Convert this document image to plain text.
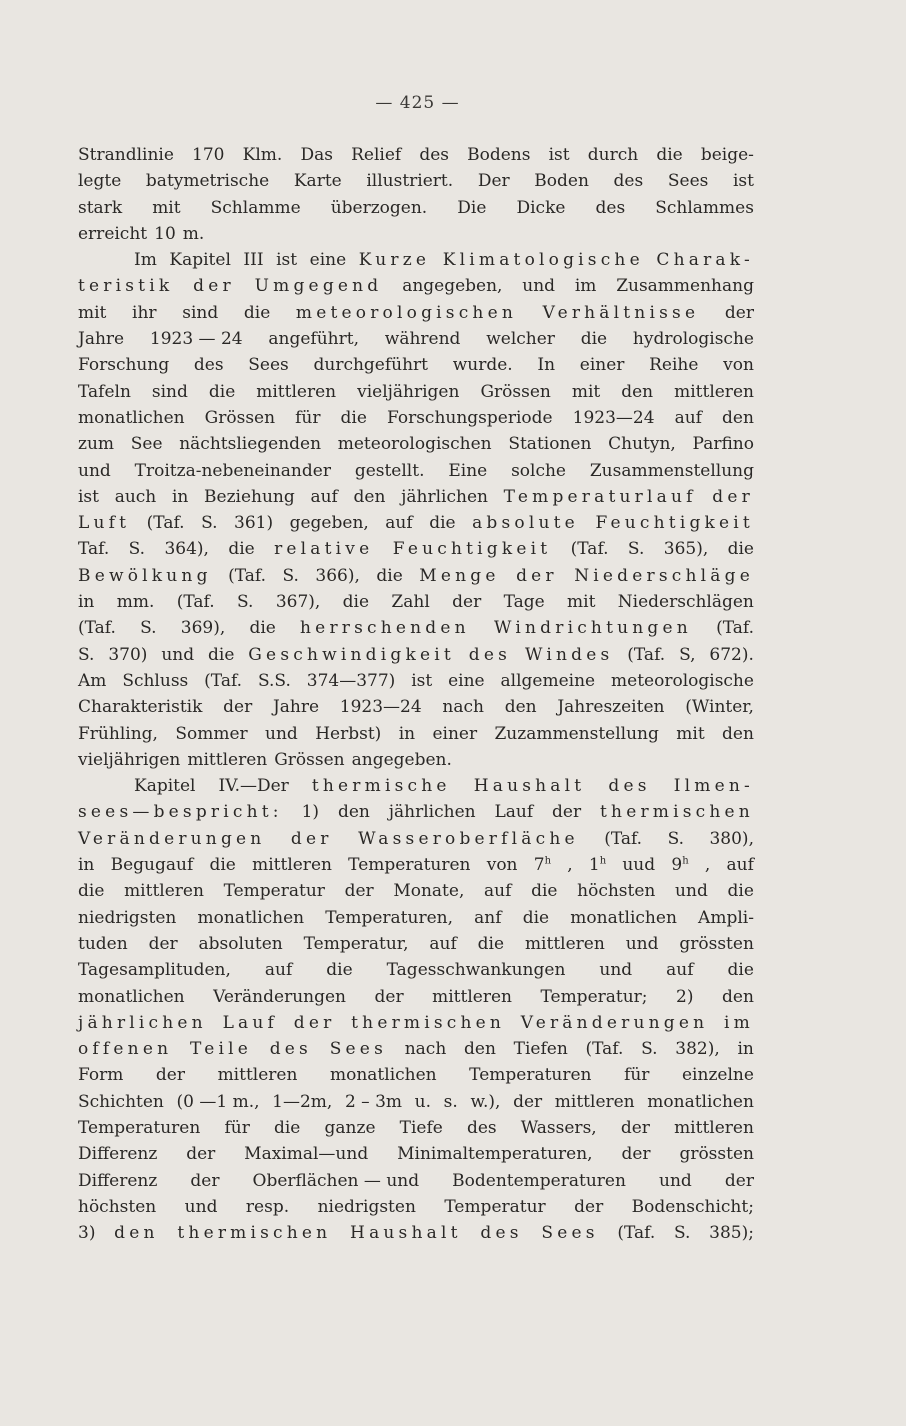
— 425 —
Strandlinie 170 Klm. Das Relief des Bodens ist durch die beige-
legte batymetrische Karte illustriert. Der Boden des Sees ist
stark mit Schlamme überzogen. Die Dicke des Schlammes
erreicht 10 m.
Im Kapitel III ist eine Kurze Klimatologische Charak-
teristik der Umgegend angegeben, und im Zusammenhang
mit ihr sind die meteorologischen Verhältnisse der
Jahre 1923 — 24 angeführt, während welcher die hydrologische
Forschung des Sees durchgeführt wurde. In einer Reihe von
Tafeln sind die mittleren vieljährigen Grössen mit den mittleren
monatlichen Grössen für die Forschungsperiode 1923—24 auf den
zum See nächtsliegenden meteorologischen Stationen Chutyn, Parfino
und Troitza-nebeneinander gestellt. Eine solche Zusammenstellung
ist auch in Beziehung auf den jährlichen Temperaturlauf der
Luft (Taf. S. 361) gegeben, auf die absolute Feuchtigkeit
Taf. S. 364), die relative Feuchtigkeit (Taf. S. 365), die
Bewölkung (Taf. S. 366), die Menge der Niederschläge
in mm. (Taf. S. 367), die Zahl der Tage mit Niederschlägen
(Taf. S. 369), die herrschenden Windrichtungen (Taf.
S. 370) und die Geschwindigkeit des Windes (Taf. S, 672).
Am Schluss (Taf. S.S. 374—377) ist eine allgemeine meteorologische
Charakteristik der Jahre 1923—24 nach den Jahreszeiten (Winter,
Frühling, Sommer und Herbst) in einer Zuzammenstellung mit den
vieljährigen mittleren Grössen angegeben.
Kapitel IV.—Der thermische Haushalt des Ilmen-
sees—bespricht: 1) den jährlichen Lauf der thermischen
Veränderungen der Wasseroberfläche (Taf. S. 380),
in Begugauf die mittleren Temperaturen von 7$^h$ , 1$^h$ uud 9$^h$ , auf
die mittleren Temperatur der Monate, auf die höchsten und die
niedrigsten monatlichen Temperaturen, anf die monatlichen Ampli-
tuden der absoluten Temperatur, auf die mittleren und grössten
Tagesamplituden, auf die Tagesschwankungen und auf die
monatlichen Veränderungen der mittleren Temperatur; 2) den
jährlichen Lauf der thermischen Veränderungen im
offenen Teile des Sees nach den Tiefen (Taf. S. 382), in
Form der mittleren monatlichen Temperaturen für einzelne
Schichten (0 —1 m., 1—2m, 2 – 3m u. s. w.), der mittleren monatlichen
Temperaturen für die ganze Tiefe des Wassers, der mittleren
Differenz der Maximal—und Minimaltemperaturen, der grössten
Differenz der Oberflächen — und Bodentemperaturen und der
höchsten und resp. niedrigsten Temperatur der Bodenschicht;
3) den thermischen Haushalt des Sees (Taf. S. 385);
